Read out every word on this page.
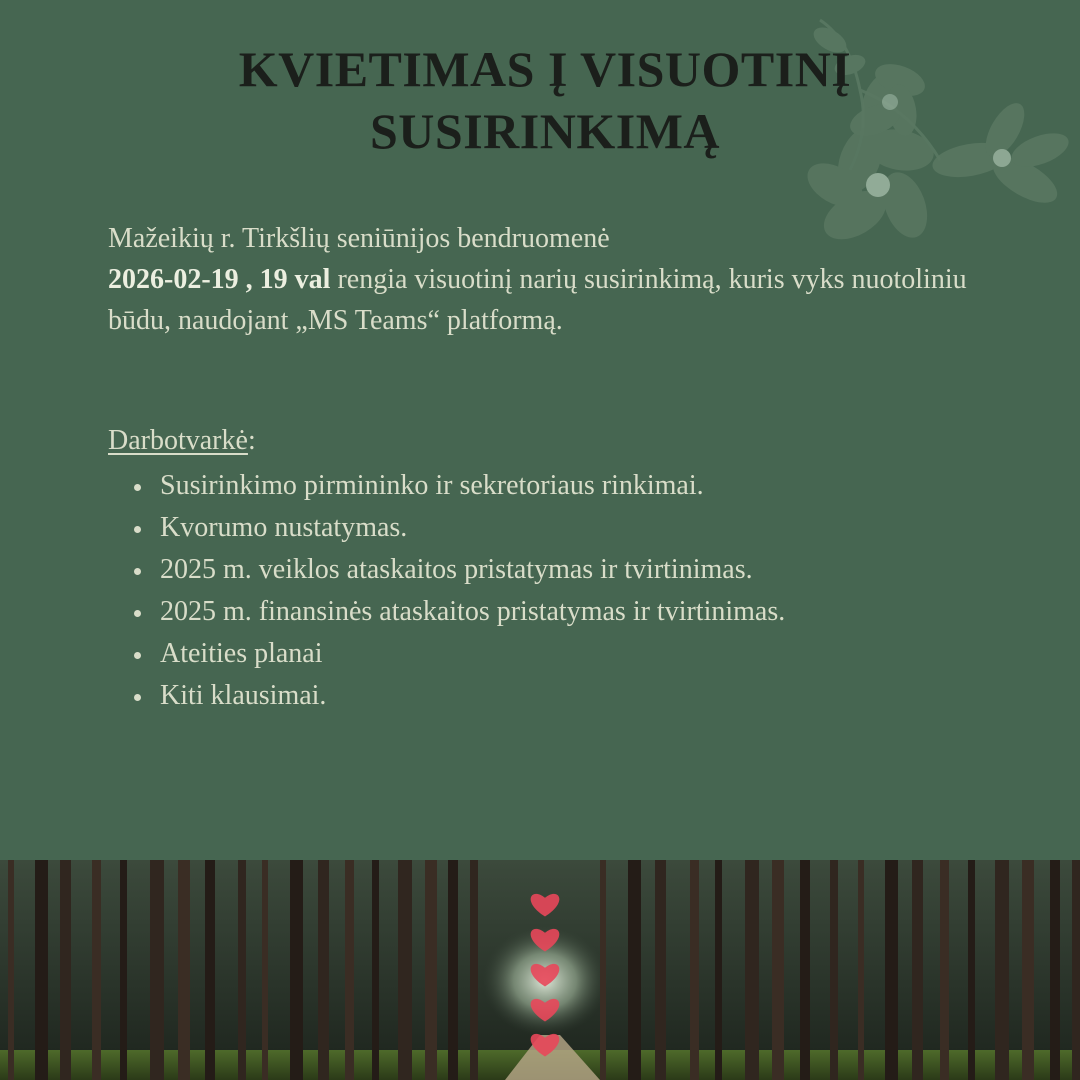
KVIETIMAS Į VISUOTINĮ
SUSIRINKIMĄ

Mažeikių r. Tirkšlių seniūnijos bendruomenė
2026-02-19 , 19 val rengia visuotinį narių susirinkimą, kuris vyks nuotoliniu būdu, naudojant „MS Teams“ platformą.

Darbotvarkė:

Susirinkimo pirmininko ir sekretoriaus rinkimai.
Kvorumo nustatymas.
2025 m. veiklos ataskaitos pristatymas ir tvirtinimas.
2025 m. finansinės ataskaitos pristatymas ir tvirtinimas.
Ateities planai
Kiti klausimai.
